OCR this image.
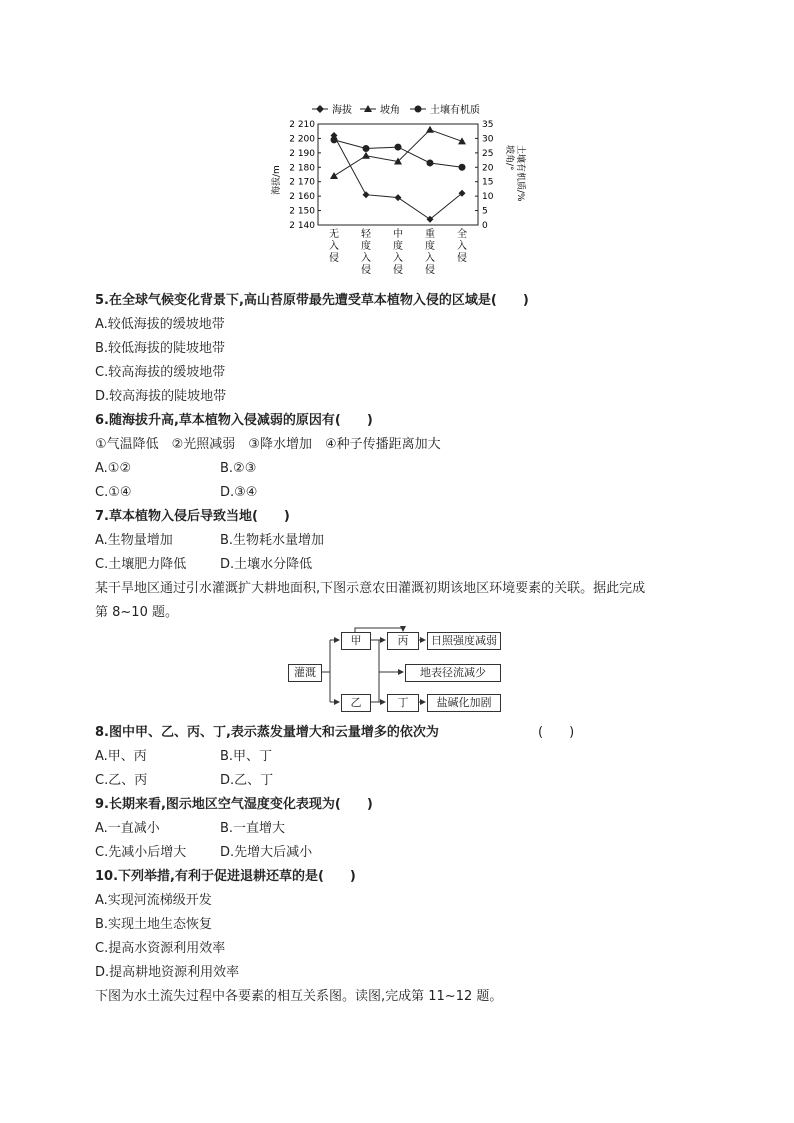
海拔	坡角	土壤有机质
海拔/m
坡角/° 土壤有机质/%
2 210
2 200
2 190
2 180
2 170
2 160
2 150
2 140
35
30
25
20
15
10
5
0
无
入
侵
轻
度
入
侵
中
度
入
侵
重
度
入
侵
全
入
侵
5.在全球气候变化背景下,高山苔原带最先遭受草本植物入侵的区域是(　　)
A.较低海拔的缓坡地带
B.较低海拔的陡坡地带
C.较高海拔的缓坡地带
D.较高海拔的陡坡地带
6.随海拔升高,草本植物入侵减弱的原因有(　　)
①气温降低　②光照减弱　③降水增加　④种子传播距离加大
A.①②	B.②③
C.①④	D.③④
7.草本植物入侵后导致当地(　　)
A.生物量增加	B.生物耗水量增加
C.土壤肥力降低	D.土壤水分降低
某干旱地区通过引水灌溉扩大耕地面积,下图示意农田灌溉初期该地区环境要素的关联。据此完成
第 8~10 题。
灌溉
甲
乙
丙
丁
日照强度减弱
地表径流减少
盐碱化加剧
8.图中甲、乙、丙、丁,表示蒸发量增大和云量增多的依次为	(　　)
A.甲、丙	B.甲、丁
C.乙、丙	D.乙、丁
9.长期来看,图示地区空气湿度变化表现为(　　)
A.一直减小	B.一直增大
C.先减小后增大	D.先增大后减小
10.下列举措,有利于促进退耕还草的是(　　)
A.实现河流梯级开发
B.实现土地生态恢复
C.提高水资源利用效率
D.提高耕地资源利用效率
下图为水土流失过程中各要素的相互关系图。读图,完成第 11~12 题。
